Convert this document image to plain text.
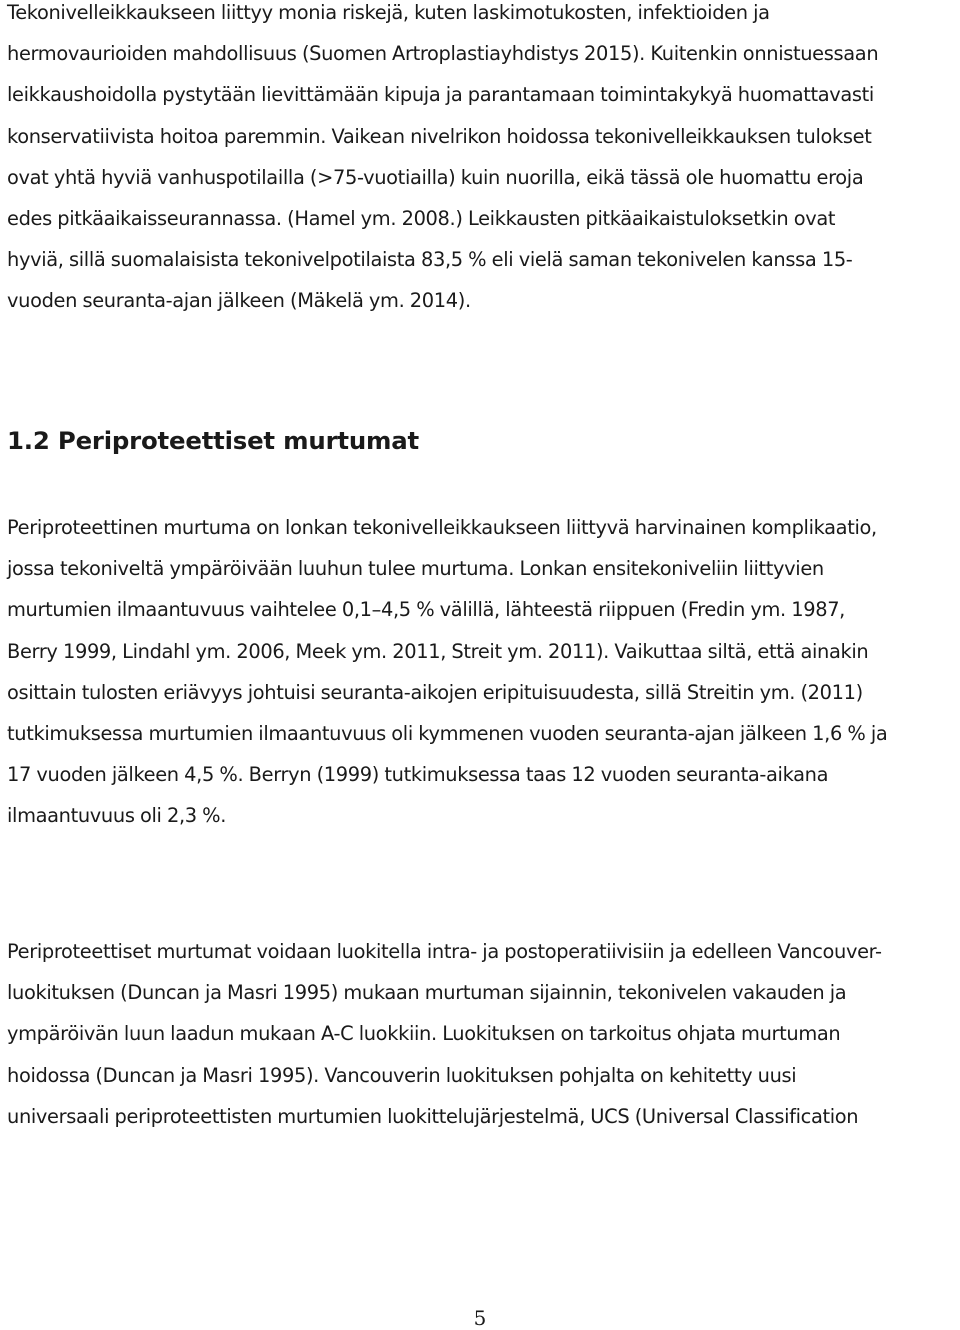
Tekonivelleikkaukseen liittyy monia riskejä, kuten laskimotukosten, infektioiden ja
hermovaurioiden mahdollisuus (Suomen Artroplastiayhdistys 2015). Kuitenkin onnistuessaan
leikkaushoidolla pystytään lievittämään kipuja ja parantamaan toimintakykyä huomattavasti
konservatiivista hoitoa paremmin. Vaikean nivelrikon hoidossa tekonivelleikkauksen tulokset
ovat yhtä hyviä vanhuspotilailla (>75-vuotiailla) kuin nuorilla, eikä tässä ole huomattu eroja
edes pitkäaikaisseurannassa. (Hamel ym. 2008.) Leikkausten pitkäaikaistuloksetkin ovat
hyviä, sillä suomalaisista tekonivelpotilaista 83,5 % eli vielä saman tekonivelen kanssa 15-
vuoden seuranta-ajan jälkeen (Mäkelä ym. 2014).

1.2 Periproteettiset murtumat

Periproteettinen murtuma on lonkan tekonivelleikkaukseen liittyvä harvinainen komplikaatio,
jossa tekoniveltä ympäröivään luuhun tulee murtuma. Lonkan ensitekoniveliin liittyvien
murtumien ilmaantuvuus vaihtelee 0,1–4,5 % välillä, lähteestä riippuen (Fredin ym. 1987,
Berry 1999, Lindahl ym. 2006, Meek ym. 2011, Streit ym. 2011). Vaikuttaa siltä, että ainakin
osittain tulosten eriävyys johtuisi seuranta-aikojen eripituisuudesta, sillä Streitin ym. (2011)
tutkimuksessa murtumien ilmaantuvuus oli kymmenen vuoden seuranta-ajan jälkeen 1,6 % ja
17 vuoden jälkeen 4,5 %. Berryn (1999) tutkimuksessa taas 12 vuoden seuranta-aikana
ilmaantuvuus oli 2,3 %.

Periproteettiset murtumat voidaan luokitella intra- ja postoperatiivisiin ja edelleen Vancouver-
luokituksen (Duncan ja Masri 1995) mukaan murtuman sijainnin, tekonivelen vakauden ja
ympäröivän luun laadun mukaan A-C luokkiin. Luokituksen on tarkoitus ohjata murtuman
hoidossa (Duncan ja Masri 1995). Vancouverin luokituksen pohjalta on kehitetty uusi
universaali periproteettisten murtumien luokittelujärjestelmä, UCS (Universal Classification

5
